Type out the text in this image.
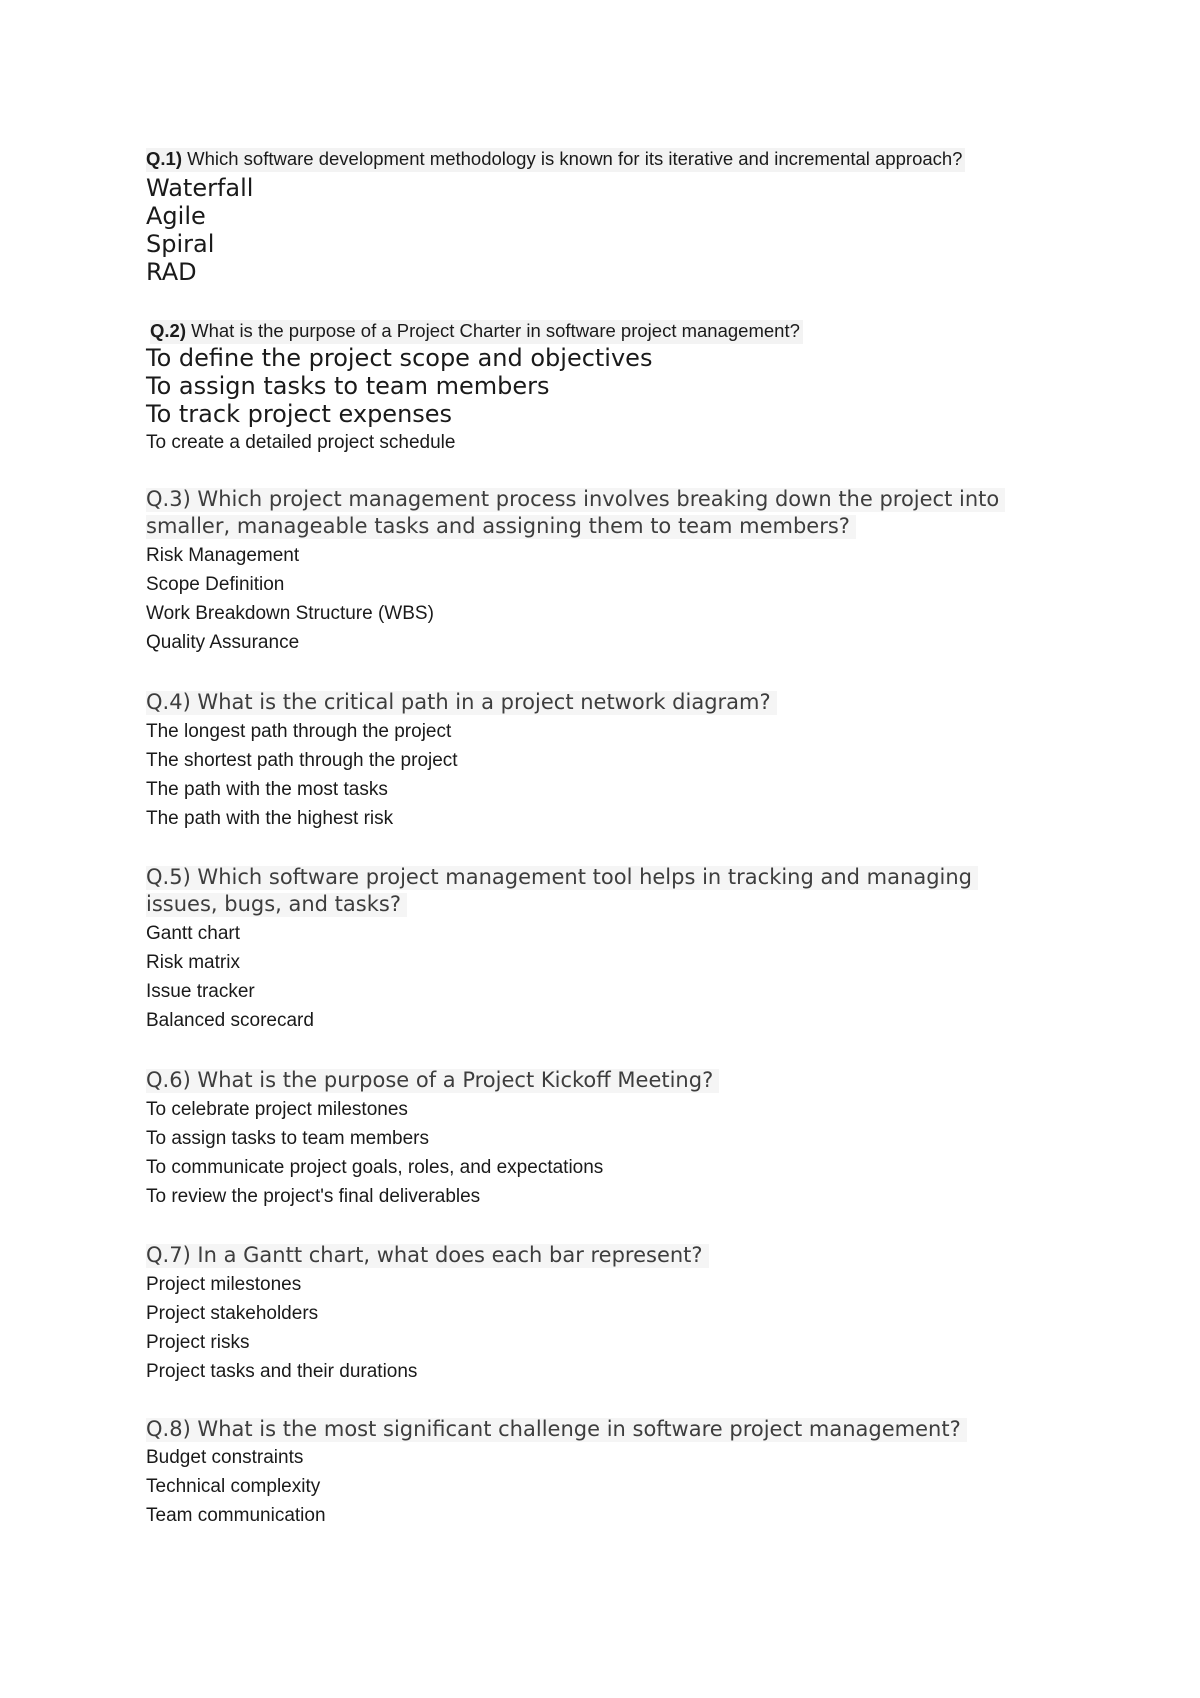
Q.1) Which software development methodology is known for its iterative and incremental approach?
Waterfall
Agile
Spiral
RAD
Q.2) What is the purpose of a Project Charter in software project management?
To define the project scope and objectives
To assign tasks to team members
To track project expenses
To create a detailed project schedule
Q.3) Which project management process involves breaking down the project into
smaller, manageable tasks and assigning them to team members?
Risk Management
Scope Definition
Work Breakdown Structure (WBS)
Quality Assurance
Q.4) What is the critical path in a project network diagram?
The longest path through the project
The shortest path through the project
The path with the most tasks
The path with the highest risk
Q.5) Which software project management tool helps in tracking and managing
issues, bugs, and tasks?
Gantt chart
Risk matrix
Issue tracker
Balanced scorecard
Q.6) What is the purpose of a Project Kickoff Meeting?
To celebrate project milestones
To assign tasks to team members
To communicate project goals, roles, and expectations
To review the project's final deliverables
Q.7) In a Gantt chart, what does each bar represent?
Project milestones
Project stakeholders
Project risks
Project tasks and their durations
Q.8) What is the most significant challenge in software project management?
Budget constraints
Technical complexity
Team communication
